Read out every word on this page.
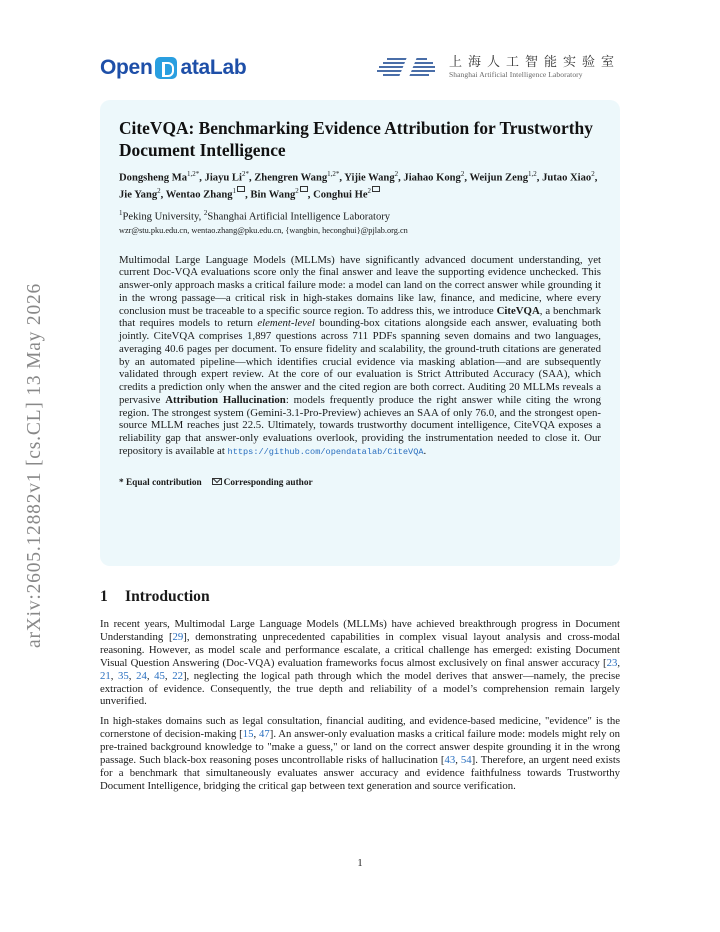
arXiv:2605.12882v1 [cs.CL] 13 May 2026
Open ataLab	上海人工智能实验室
Shanghai Artificial Intelligence Laboratory
CiteVQA: Benchmarking Evidence Attribution for Trustworthy Document Intelligence
Dongsheng $Ma^{1,2*}$, Jiayu $Li^{2*}$, Zhengren Wang$^{1,2*}$, Yijie Wang$^2$, Jiahao Kong$^2$, Weijun Zeng$^{1,2}$, Jutao Xiao$^2$, Jie Yang$^2$, Wentao Zhang$^1$ , Bin Wang$^2$ , Conghui He$^2$
$^1$Peking University, $^2$Shanghai Artificial Intelligence Laboratory
wzr@stu.pku.edu.cn, wentao.zhang@pku.edu.cn, {wangbin, heconghui}@pjlab.org.cn
Multimodal Large Language Models (MLLMs) have significantly advanced document understanding, yet current Doc-VQA evaluations score only the final answer and leave the supporting evidence unchecked. This answer-only approach masks a critical failure mode: a model can land on the correct answer while grounding it in the wrong passage—a critical risk in high-stakes domains like law, finance, and medicine, where every conclusion must be traceable to a specific source region. To address this, we introduce CiteVQA, a benchmark that requires models to return element-level bounding-box citations alongside each answer, evaluating both jointly. CiteVQA comprises 1,897 questions across 711 PDFs spanning seven domains and two languages, averaging 40.6 pages per document. To ensure fidelity and scalability, the ground-truth citations are generated by an automated pipeline—which identifies crucial evidence via masking ablation—and are subsequently validated through expert review. At the core of our evaluation is Strict Attributed Accuracy (SAA), which credits a prediction only when the answer and the cited region are both correct. Auditing 20 MLLMs reveals a pervasive Attribution Hallucination: models frequently produce the right answer while citing the wrong region. The strongest system (Gemini-3.1-Pro-Preview) achieves an SAA of only 76.0, and the strongest open-source MLLM reaches just 22.5. Ultimately, towards trustworthy document intelligence, CiteVQA exposes a reliability gap that answer-only evaluations overlook, providing the instrumentation needed to close it. Our repository is available at https://github.com/opendatalab/CiteVQA.
* Equal contribution Corresponding author
1	Introduction
In recent years, Multimodal Large Language Models (MLLMs) have achieved breakthrough progress in Document Understanding [29], demonstrating unprecedented capabilities in complex visual layout analysis and cross-modal reasoning. However, as model scale and performance escalate, a critical challenge has emerged: existing Document Visual Question Answering (Doc-VQA) evaluation frameworks focus almost exclusively on final answer accuracy [23, 21, 35, 24, 45, 22], neglecting the logical path through which the model derives that answer—namely, the precise extraction of evidence. Consequently, the true depth and reliability of a model’s comprehension remain largely unverified.
In high-stakes domains such as legal consultation, financial auditing, and evidence-based medicine, "evidence" is the cornerstone of decision-making [15, 47]. An answer-only evaluation masks a critical failure mode: models might rely on pre-trained background knowledge to "make a guess," or land on the correct answer despite grounding it in the wrong passage. Such black-box reasoning poses uncontrollable risks of hallucination [43, 54]. Therefore, an urgent need exists for a benchmark that simultaneously evaluates answer accuracy and evidence faithfulness towards Trustworthy Document Intelligence, bridging the critical gap between text generation and source verification.
1
